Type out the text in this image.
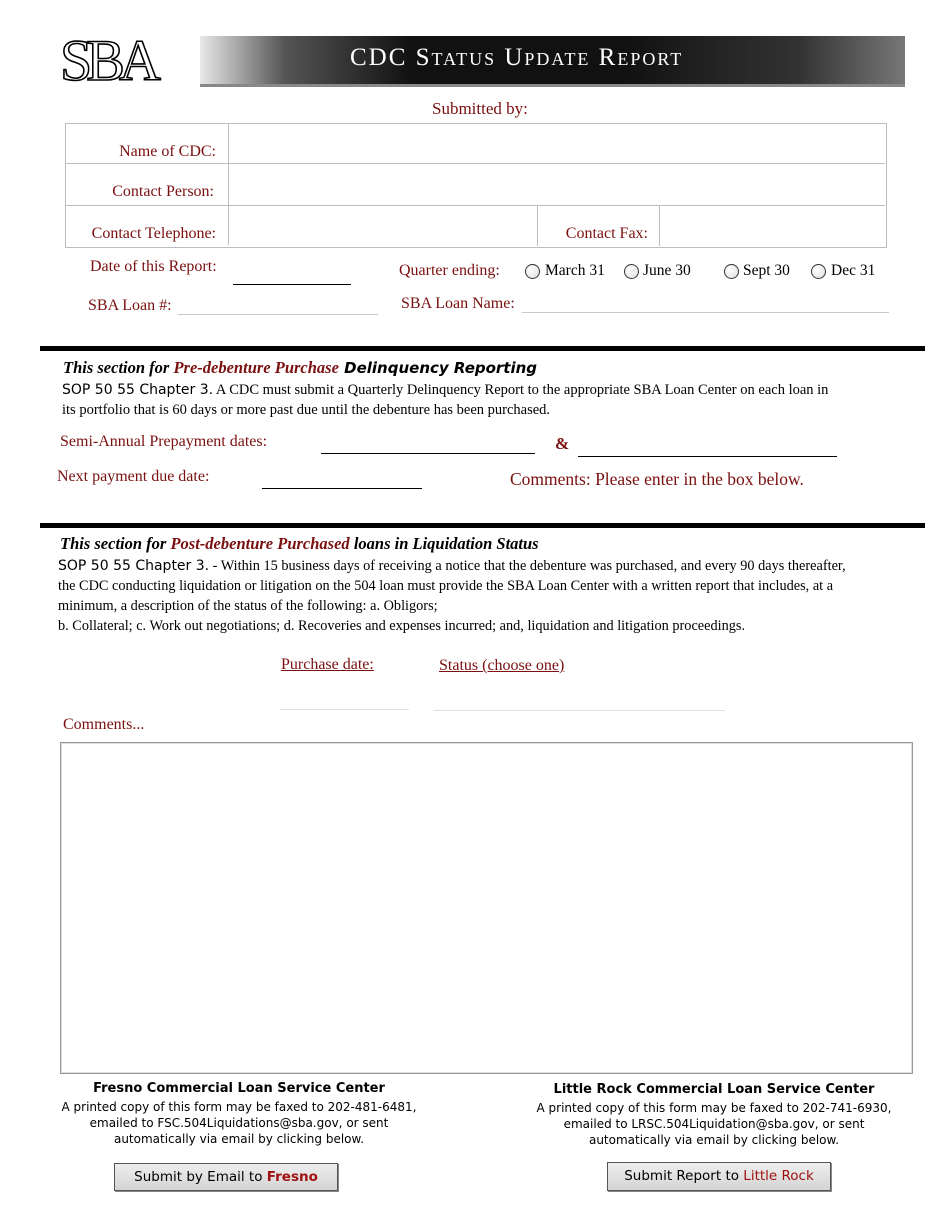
SBA	CDC Status Update Report
Submitted by:
Name of CDC:
Contact Person:
Contact Telephone:	Contact Fax:
Date of this Report:	Quarter ending:	March 31 June 30	Sept 30	Dec 31
SBA Loan #:	SBA Loan Name:
This section for Pre-debenture Purchase Delinquency Reporting
SOP 50 55 Chapter 3. A CDC must submit a Quarterly Delinquency Report to the appropriate SBA Loan Center on each loan in
its portfolio that is 60 days or more past due until the debenture has been purchased.
Semi-Annual Prepayment dates:	&
Next payment due date:	Comments: Please enter in the box below.
This section for Post-debenture Purchased loans in Liquidation Status
SOP 50 55 Chapter 3. - Within 15 business days of receiving a notice that the debenture was purchased, and every 90 days thereafter,
the CDC conducting liquidation or litigation on the 504 loan must provide the SBA Loan Center with a written report that includes, at a
minimum, a description of the status of the following: a. Obligors;
b. Collateral; c. Work out negotiations; d. Recoveries and expenses incurred; and, liquidation and litigation proceedings.
Purchase date:	Status (choose one)
Comments...
Fresno Commercial Loan Service Center
A printed copy of this form may be faxed to 202-481-6481,
emailed to FSC.504Liquidations@sba.gov, or sent
automatically via email by clicking below.
Submit by Email to Fresno
Little Rock Commercial Loan Service Center
A printed copy of this form may be faxed to 202-741-6930,
emailed to LRSC.504Liquidation@sba.gov, or sent
automatically via email by clicking below.
Submit Report to Little Rock
